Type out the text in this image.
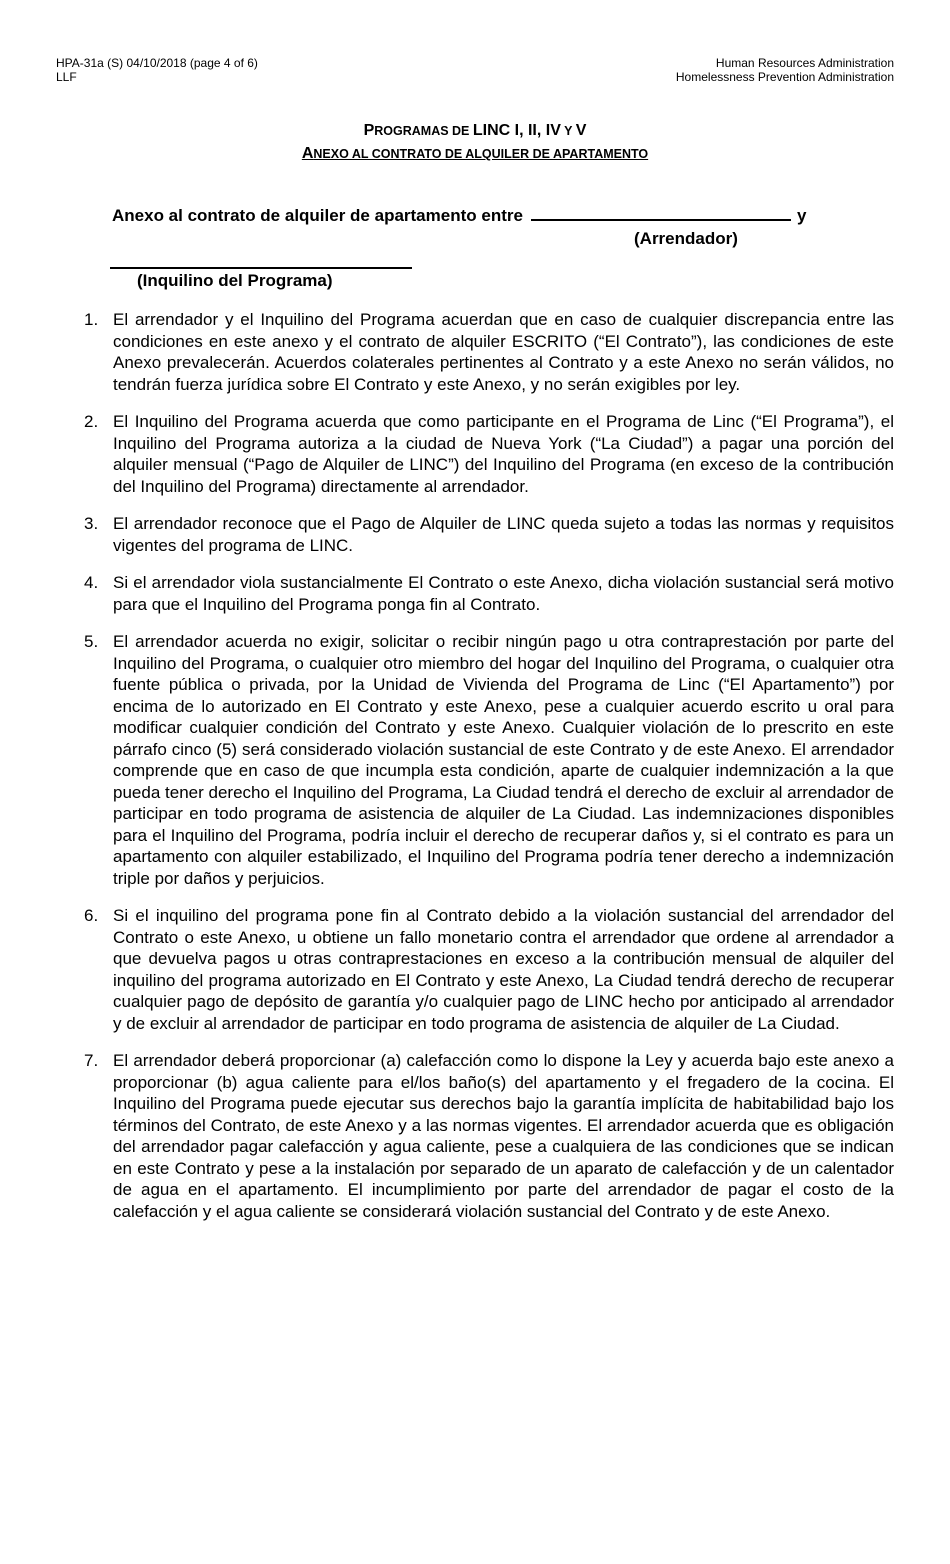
HPA-31a (S) 04/10/2018 (page 4 of 6)
LLF
Human Resources Administration
Homelessness Prevention Administration
PROGRAMAS DE LINC I, II, IV Y V
ANEXO AL CONTRATO DE ALQUILER DE APARTAMENTO
Anexo al contrato de alquiler de apartamento entre	y
(Arrendador)
(Inquilino del Programa)
1. El arrendador y el Inquilino del Programa acuerdan que en caso de cualquier discrepancia entre las condiciones en este anexo y el contrato de alquiler ESCRITO (“El Contrato”), las condiciones de este Anexo prevalecerán. Acuerdos colaterales pertinentes al Contrato y a este Anexo no serán válidos, no tendrán fuerza jurídica sobre El Contrato y este Anexo, y no serán exigibles por ley.
2. El Inquilino del Programa acuerda que como participante en el Programa de Linc (“El Programa”), el Inquilino del Programa autoriza a la ciudad de Nueva York (“La Ciudad”) a pagar una porción del alquiler mensual (“Pago de Alquiler de LINC”) del Inquilino del Programa (en exceso de la contribución del Inquilino del Programa) directamente al arrendador.
3. El arrendador reconoce que el Pago de Alquiler de LINC queda sujeto a todas las normas y requisitos vigentes del programa de LINC.
4. Si el arrendador viola sustancialmente El Contrato o este Anexo, dicha violación sustancial será motivo para que el Inquilino del Programa ponga fin al Contrato.
5. El arrendador acuerda no exigir, solicitar o recibir ningún pago u otra contraprestación por parte del Inquilino del Programa, o cualquier otro miembro del hogar del Inquilino del Programa, o cualquier otra fuente pública o privada, por la Unidad de Vivienda del Programa de Linc (“El Apartamento”) por encima de lo autorizado en El Contrato y este Anexo, pese a cualquier acuerdo escrito u oral para modificar cualquier condición del Contrato y este Anexo. Cualquier violación de lo prescrito en este párrafo cinco (5) será considerado violación sustancial de este Contrato y de este Anexo. El arrendador comprende que en caso de que incumpla esta condición, aparte de cualquier indemnización a la que pueda tener derecho el Inquilino del Programa, La Ciudad tendrá el derecho de excluir al arrendador de participar en todo programa de asistencia de alquiler de La Ciudad. Las indemnizaciones disponibles para el Inquilino del Programa, podría incluir el derecho de recuperar daños y, si el contrato es para un apartamento con alquiler estabilizado, el Inquilino del Programa podría tener derecho a indemnización triple por daños y perjuicios.
6. Si el inquilino del programa pone fin al Contrato debido a la violación sustancial del arrendador del Contrato o este Anexo, u obtiene un fallo monetario contra el arrendador que ordene al arrendador a que devuelva pagos u otras contraprestaciones en exceso a la contribución mensual de alquiler del inquilino del programa autorizado en El Contrato y este Anexo, La Ciudad tendrá derecho de recuperar cualquier pago de depósito de garantía y/o cualquier pago de LINC hecho por anticipado al arrendador y de excluir al arrendador de participar en todo programa de asistencia de alquiler de La Ciudad.
7. El arrendador deberá proporcionar (a) calefacción como lo dispone la Ley y acuerda bajo este anexo a proporcionar (b) agua caliente para el/los baño(s) del apartamento y el fregadero de la cocina. El Inquilino del Programa puede ejecutar sus derechos bajo la garantía implícita de habitabilidad bajo los términos del Contrato, de este Anexo y a las normas vigentes. El arrendador acuerda que es obligación del arrendador pagar calefacción y agua caliente, pese a cualquiera de las condiciones que se indican en este Contrato y pese a la instalación por separado de un aparato de calefacción y de un calentador de agua en el apartamento. El incumplimiento por parte del arrendador de pagar el costo de la calefacción y el agua caliente se considerará violación sustancial del Contrato y de este Anexo.
